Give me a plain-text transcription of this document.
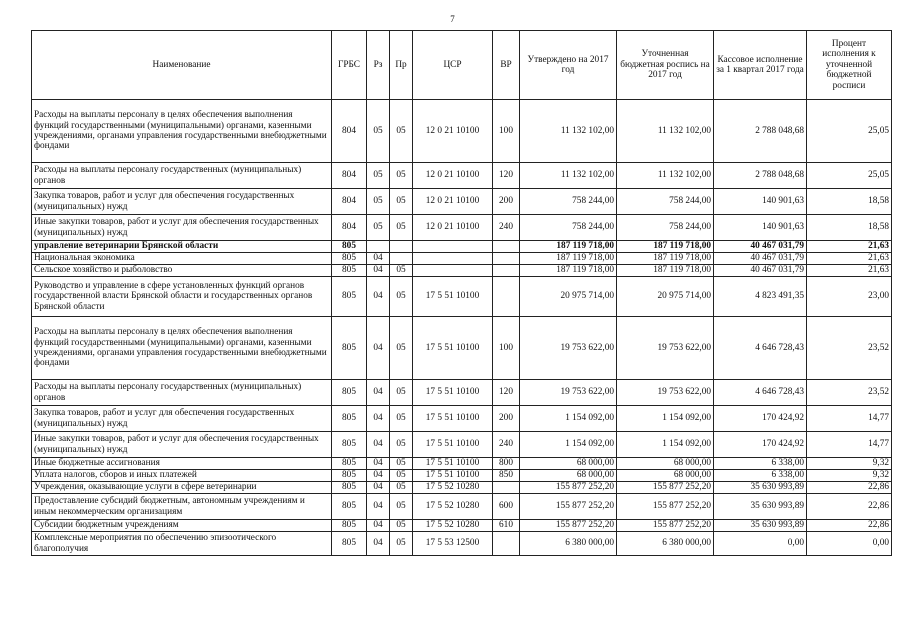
7
Наименование	ГРБС	Рз	Пр	ЦСР	ВР	Утверждено на 2017 год	Уточненная бюджетная роспись на 2017 год	Кассовое исполнение за 1 квартал 2017 года	Процент исполнения к уточненной бюджетной росписи
Расходы на выплаты персоналу в целях обеспечения выполнения функций государственными (муниципальными) органами, казенными учреждениями, органами управления государственными внебюджетными фондами	804	05	05	12 0 21 10100	100	11 132 102,00	11 132 102,00	2 788 048,68	25,05
Расходы на выплаты персоналу государственных (муниципальных) органов	804	05	05	12 0 21 10100	120	11 132 102,00	11 132 102,00	2 788 048,68	25,05
Закупка товаров, работ и услуг для обеспечения государственных (муниципальных) нужд	804	05	05	12 0 21 10100	200	758 244,00	758 244,00	140 901,63	18,58
Иные закупки товаров, работ и услуг для обеспечения государственных (муниципальных) нужд	804	05	05	12 0 21 10100	240	758 244,00	758 244,00	140 901,63	18,58
управление ветеринарии Брянской области	805					187 119 718,00	187 119 718,00	40 467 031,79	21,63
Национальная экономика	805	04				187 119 718,00	187 119 718,00	40 467 031,79	21,63
Сельское хозяйство и рыболовство	805	04	05			187 119 718,00	187 119 718,00	40 467 031,79	21,63
Руководство и управление в сфере установленных функций органов государственной власти Брянской области и государственных органов Брянской области	805	04	05	17 5 51 10100		20 975 714,00	20 975 714,00	4 823 491,35	23,00
Расходы на выплаты персоналу в целях обеспечения выполнения функций государственными (муниципальными) органами, казенными учреждениями, органами управления государственными внебюджетными фондами	805	04	05	17 5 51 10100	100	19 753 622,00	19 753 622,00	4 646 728,43	23,52
Расходы на выплаты персоналу государственных (муниципальных) органов	805	04	05	17 5 51 10100	120	19 753 622,00	19 753 622,00	4 646 728,43	23,52
Закупка товаров, работ и услуг для обеспечения государственных (муниципальных) нужд	805	04	05	17 5 51 10100	200	1 154 092,00	1 154 092,00	170 424,92	14,77
Иные закупки товаров, работ и услуг для обеспечения государственных (муниципальных) нужд	805	04	05	17 5 51 10100	240	1 154 092,00	1 154 092,00	170 424,92	14,77
Иные бюджетные ассигнования	805	04	05	17 5 51 10100	800	68 000,00	68 000,00	6 338,00	9,32
Уплата налогов, сборов и иных платежей	805	04	05	17 5 51 10100	850	68 000,00	68 000,00	6 338,00	9,32
Учреждения, оказывающие услуги в сфере ветеринарии	805	04	05	17 5 52 10280		155 877 252,20	155 877 252,20	35 630 993,89	22,86
Предоставление субсидий бюджетным, автономным учреждениям и иным некоммерческим организациям	805	04	05	17 5 52 10280	600	155 877 252,20	155 877 252,20	35 630 993,89	22,86
Субсидии бюджетным учреждениям	805	04	05	17 5 52 10280	610	155 877 252,20	155 877 252,20	35 630 993,89	22,86
Комплексные мероприятия по обеспечению эпизоотического благополучия	805	04	05	17 5 53 12500		6 380 000,00	6 380 000,00	0,00	0,00
